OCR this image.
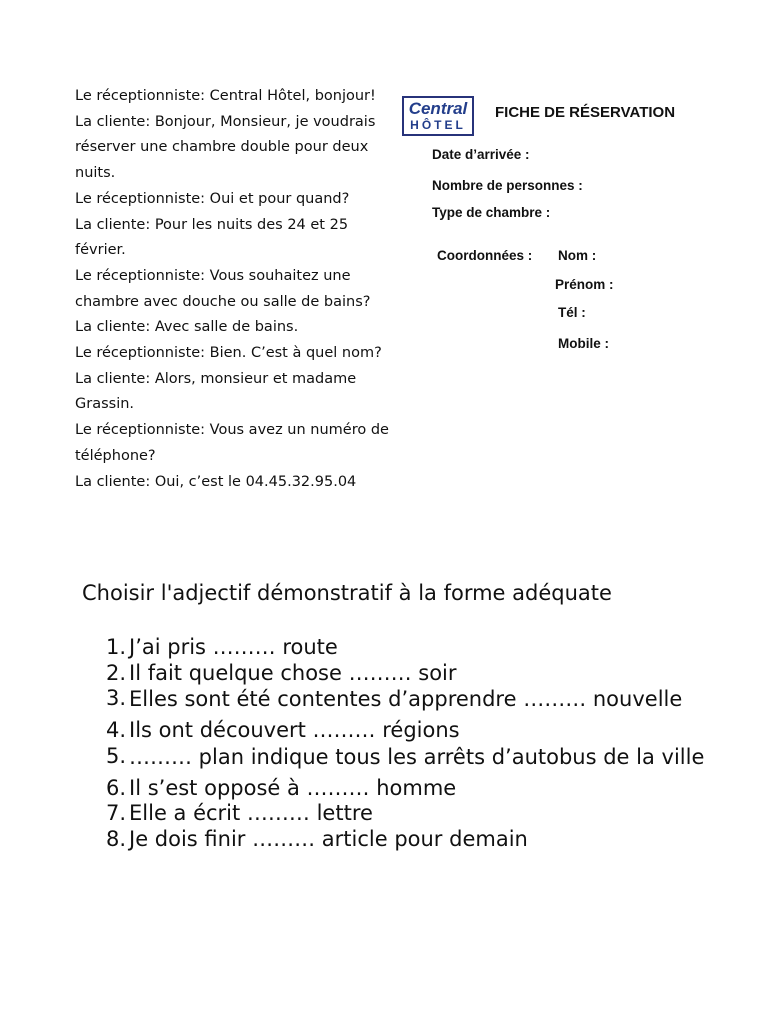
Le réceptionniste: Central Hôtel, bonjour!
La cliente: Bonjour, Monsieur, je voudrais réserver une chambre double pour deux nuits.
Le réceptionniste: Oui et pour quand?
La cliente: Pour les nuits des 24 et 25 février.
Le réceptionniste: Vous souhaitez une chambre avec douche ou salle de bains?
La cliente: Avec salle de bains.
Le réceptionniste: Bien. C’est à quel nom?
La cliente: Alors, monsieur et madame Grassin.
Le réceptionniste: Vous avez un numéro de téléphone?
La cliente: Oui, c’est le 04.45.32.95.04
Central
HÔTEL
FICHE DE RÉSERVATION
Date d’arrivée :
Nombre de personnes :
Type de chambre :
Coordonnées : Nom :
Prénom :
Tél :
Mobile :
Choisir l'adjectif démonstratif à la forme adéquate
1. J’ai pris ……… route
2. Il fait quelque chose ……… soir
3. Elles sont été contentes d’apprendre ……… nouvelle
4. Ils ont découvert ……… régions
5. ……… plan indique tous les arrêts d’autobus de la ville
6. Il s’est opposé à ……… homme
7. Elle a écrit ……… lettre
8. Je dois finir ……… article pour demain
